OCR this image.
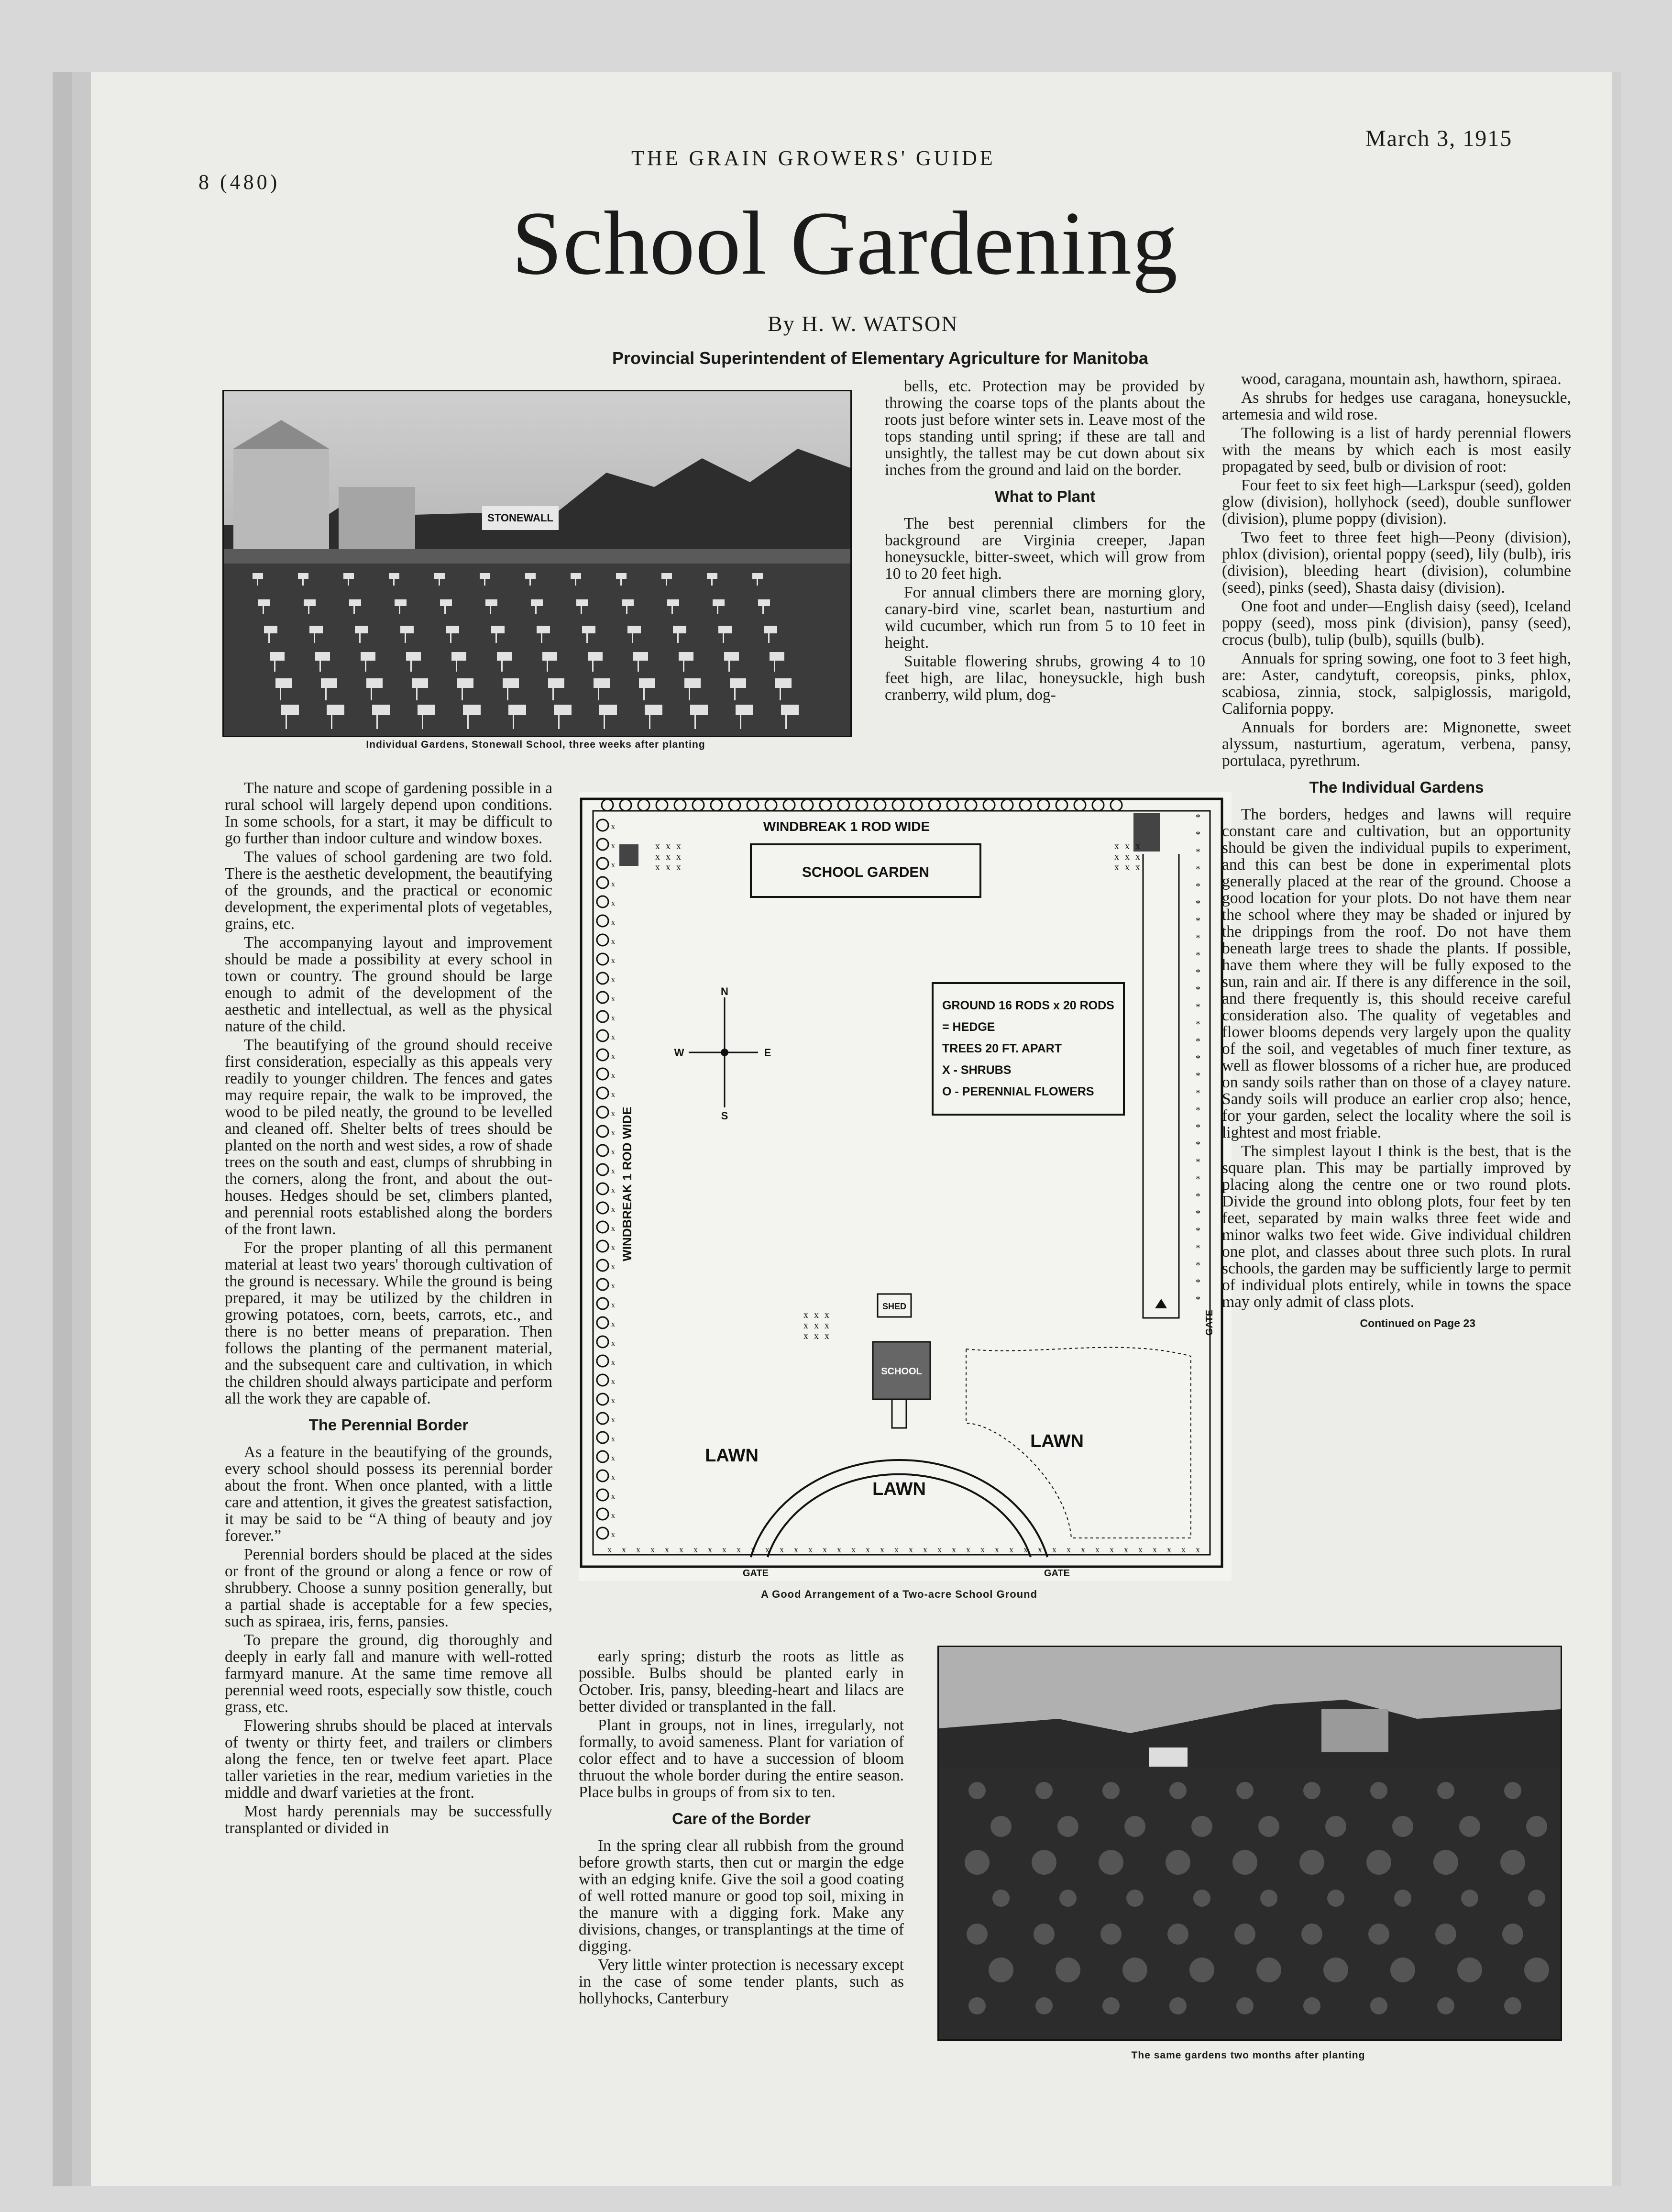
8 (480)
THE GRAIN GROWERS' GUIDE
March 3, 1915
School Gardening
By H. W. WATSON
Provincial Superintendent of Elementary Agriculture for Manitoba
STONEWALL
Individual Gardens, Stonewall School, three weeks after planting
x
x
x
x
x
x
x
x
x
x
x
x
x
x
x
x
x
x
x
x
x
x
x
x
x
x
x
x
x
x
x
x
x
x
x
x
x
x
*
*
*
*
*
*
*
*
*
*
*
*
*
*
*
*
*
*
*
*
*
*
*
*
*
*
*
*
*
SCHOOL GARDEN
WINDBREAK 1 ROD WIDE
WINDBREAK 1 ROD WIDE
GROUND 16 RODS x 20 RODS
= HEDGE
TREES 20 FT. APART
X - SHRUBS
O - PERENNIAL FLOWERS
N
S
W	E
SHED
SCHOOL
LAWN
LAWN
LAWN
GATE	GATE
GATE
x x x
x x x
x x x
x x x
x x x
x x x
x x x
x x x
x x x
x x x x x x x x x x x x x x x x x x x x x x x x x x x x x x x x x x x x x x x x x x
A Good Arrangement of a Two-acre School Ground

The nature and scope of gardening possible in a rural school will largely depend upon conditions. In some schools, for a start, it may be difficult to go further than indoor culture and window boxes.

The values of school gardening are two fold. There is the aesthetic development, the beautifying of the grounds, and the practical or economic development, the experimental plots of vegetables, grains, etc.

The accompanying layout and improvement should be made a possibility at every school in town or country. The ground should be large enough to admit of the development of the aesthetic and intellectual, as well as the physical nature of the child.

The beautifying of the ground should receive first consideration, especially as this appeals very readily to younger children. The fences and gates may require repair, the walk to be improved, the wood to be piled neatly, the ground to be levelled and cleaned off. Shelter belts of trees should be planted on the north and west sides, a row of shade trees on the south and east, clumps of shrubbing in the corners, along the front, and about the out-houses. Hedges should be set, climbers planted, and perennial roots established along the borders of the front lawn.

For the proper planting of all this permanent material at least two years' thorough cultivation of the ground is necessary. While the ground is being prepared, it may be utilized by the children in growing potatoes, corn, beets, carrots, etc., and there is no better means of preparation. Then follows the planting of the permanent material, and the subsequent care and cultivation, in which the children should always participate and perform all the work they are capable of.

The Perennial Border

As a feature in the beautifying of the grounds, every school should possess its perennial border about the front. When once planted, with a little care and attention, it gives the greatest satisfaction, it may be said to be “A thing of beauty and joy forever.”

Perennial borders should be placed at the sides or front of the ground or along a fence or row of shrubbery. Choose a sunny position generally, but a partial shade is acceptable for a few species, such as spiraea, iris, ferns, pansies.

To prepare the ground, dig thoroughly and deeply in early fall and manure with well-rotted farmyard manure. At the same time remove all perennial weed roots, especially sow thistle, couch grass, etc.

Flowering shrubs should be placed at intervals of twenty or thirty feet, and trailers or climbers along the fence, ten or twelve feet apart. Place taller varieties in the rear, medium varieties in the middle and dwarf varieties at the front.

Most hardy perennials may be successfully transplanted or divided in

bells, etc. Protection may be provided by throwing the coarse tops of the plants about the roots just before winter sets in. Leave most of the tops standing until spring; if these are tall and unsightly, the tallest may be cut down about six inches from the ground and laid on the border.

What to Plant

The best perennial climbers for the background are Virginia creeper, Japan honeysuckle, bitter-sweet, which will grow from 10 to 20 feet high.

For annual climbers there are morning glory, canary-bird vine, scarlet bean, nasturtium and wild cucumber, which run from 5 to 10 feet in height.

Suitable flowering shrubs, growing 4 to 10 feet high, are lilac, honeysuckle, high bush cranberry, wild plum, dog-

wood, caragana, mountain ash, hawthorn, spiraea.

As shrubs for hedges use caragana, honeysuckle, artemesia and wild rose.

The following is a list of hardy perennial flowers with the means by which each is most easily propagated by seed, bulb or division of root:

Four feet to six feet high—Larkspur (seed), golden glow (division), hollyhock (seed), double sunflower (division), plume poppy (division).

Two feet to three feet high—Peony (division), phlox (division), oriental poppy (seed), lily (bulb), iris (division), bleeding heart (division), columbine (seed), pinks (seed), Shasta daisy (division).

One foot and under—English daisy (seed), Iceland poppy (seed), moss pink (division), pansy (seed), crocus (bulb), tulip (bulb), squills (bulb).

Annuals for spring sowing, one foot to 3 feet high, are: Aster, candytuft, coreopsis, pinks, phlox, scabiosa, zinnia, stock, salpiglossis, marigold, California poppy.

Annuals for borders are: Mignonette, sweet alyssum, nasturtium, ageratum, verbena, pansy, portulaca, pyrethrum.

The Individual Gardens

The borders, hedges and lawns will require constant care and cultivation, but an opportunity should be given the individual pupils to experiment, and this can best be done in experimental plots generally placed at the rear of the ground. Choose a good location for your plots. Do not have them near the school where they may be shaded or injured by the drippings from the roof. Do not have them beneath large trees to shade the plants. If possible, have them where they will be fully exposed to the sun, rain and air. If there is any difference in the soil, and there frequently is, this should receive careful consideration also. The quality of vegetables and flower blooms depends very largely upon the quality of the soil, and vegetables of much finer texture, as well as flower blossoms of a richer hue, are produced on sandy soils rather than on those of a clayey nature. Sandy soils will produce an earlier crop also; hence, for your garden, select the locality where the soil is lightest and most friable.

The simplest layout I think is the best, that is the square plan. This may be partially improved by placing along the centre one or two round plots. Divide the ground into oblong plots, four feet by ten feet, separated by main walks three feet wide and minor walks two feet wide. Give individual children one plot, and classes about three such plots. In rural schools, the garden may be sufficiently large to permit of individual plots entirely, while in towns the space may only admit of class plots.

Continued on Page 23

early spring; disturb the roots as little as possible. Bulbs should be planted early in October. Iris, pansy, bleeding-heart and lilacs are better divided or transplanted in the fall.

Plant in groups, not in lines, irregularly, not formally, to avoid sameness. Plant for variation of color effect and to have a succession of bloom thruout the whole border during the entire season. Place bulbs in groups of from six to ten.

Care of the Border

In the spring clear all rubbish from the ground before growth starts, then cut or margin the edge with an edging knife. Give the soil a good coating of well rotted manure or good top soil, mixing in the manure with a digging fork. Make any divisions, changes, or transplantings at the time of digging.

Very little winter protection is necessary except in the case of some tender plants, such as hollyhocks, Canterbury

The same gardens two months after planting
